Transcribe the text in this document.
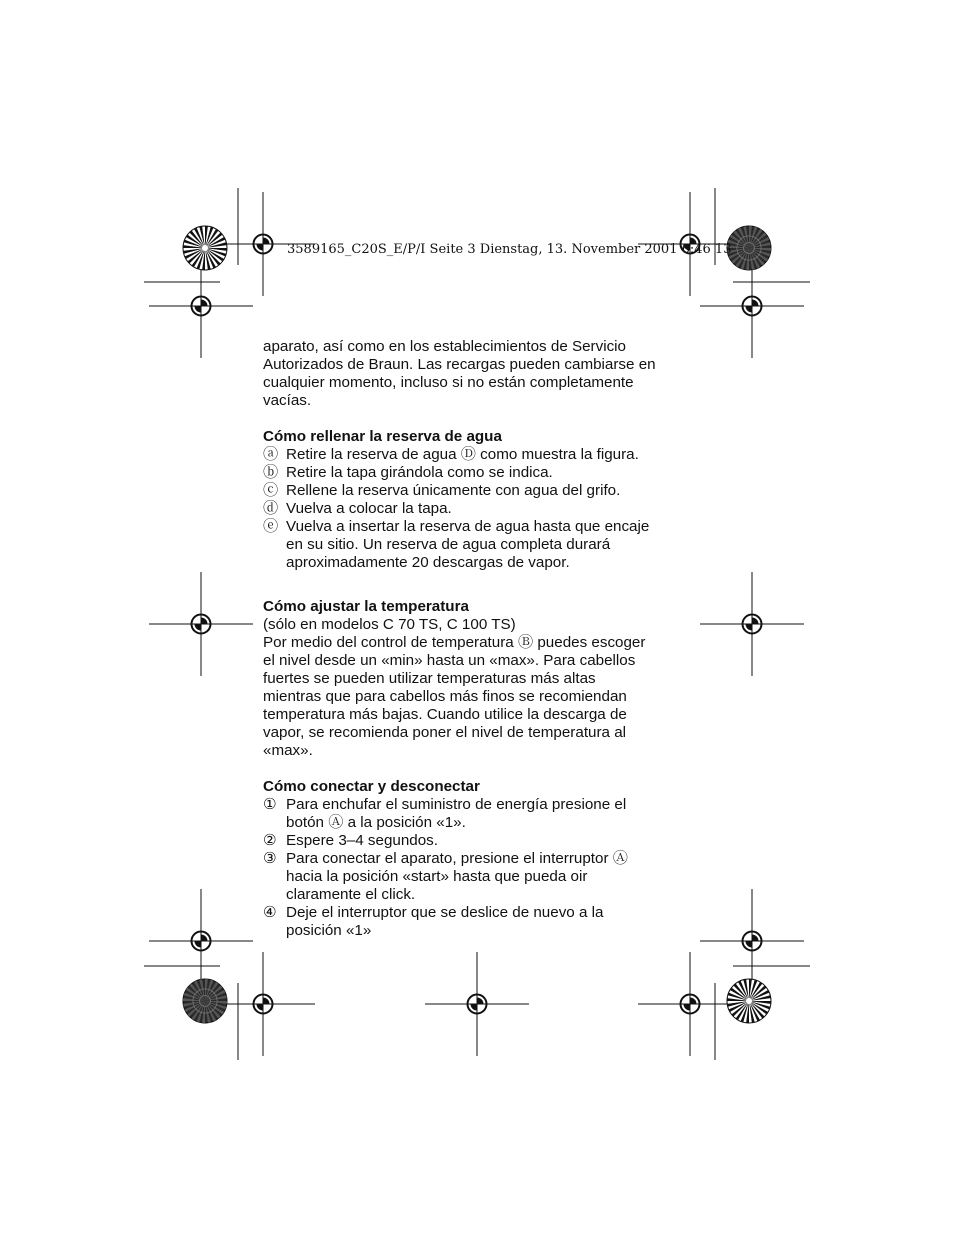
3589165_C20S_E/P/I Seite 3 Dienstag, 13. November 2001 6:46 13

aparato, así como en los establecimientos de Servicio

Autorizados de Braun. Las recargas pueden cambiarse en

cualquier momento, incluso si no están completamente

vacías.

Cómo rellenar la reserva de agua

ⓐ Retire la reserva de agua Ⓓ como muestra la figura.

ⓑ Retire la tapa girándola como se indica.

ⓒ Rellene la reserva únicamente con agua del grifo.

ⓓ Vuelva a colocar la tapa.

ⓔ Vuelva a insertar la reserva de agua hasta que encaje

en su sitio. Un reserva de agua completa durará

aproximadamente 20 descargas de vapor.

Cómo ajustar la temperatura

(sólo en modelos C 70 TS, C 100 TS)

Por medio del control de temperatura Ⓑ puedes escoger

el nivel desde un «min» hasta un «max». Para cabellos

fuertes se pueden utilizar temperaturas más altas

mientras que para cabellos más finos se recomiendan

temperatura más bajas. Cuando utilice la descarga de

vapor, se recomienda poner el nivel de temperatura al

«max».

Cómo conectar y desconectar

① Para enchufar el suministro de energía presione el

botón Ⓐ a la posición «1».

② Espere 3–4 segundos.

③ Para conectar el aparato, presione el interruptor Ⓐ

hacia la posición «start» hasta que pueda oir

claramente el click.

④ Deje el interruptor que se deslice de nuevo a la

posición «1»
